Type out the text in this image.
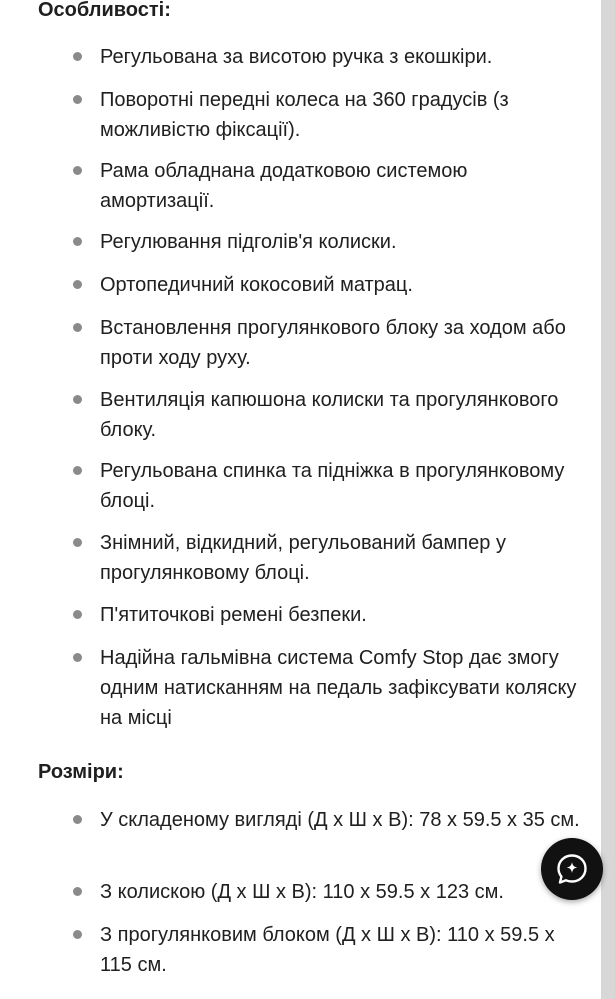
Особливості:
Регульована за висотою ручка з екошкіри.
Поворотні передні колеса на 360 градусів (з можливістю фіксації).
Рама обладнана додатковою системою амортизації.
Регулювання підголів'я колиски.
Ортопедичний кокосовий матрац.
Встановлення прогулянкового блоку за ходом або проти ходу руху.
Вентиляція капюшона колиски та прогулянкового блоку.
Регульована спинка та підніжка в прогулянковому блоці.
Знімний, відкидний, регульований бампер у прогулянковому блоці.
П'ятиточкові ремені безпеки.
Надійна гальмівна система Comfy Stop дає змогу одним натисканням на педаль зафіксувати коляску на місці
Розміри:
У складеному вигляді (Д х Ш х В): 78 х 59.5 х 35 см.
З колискою (Д х Ш х В): 110 х 59.5 х 123 см.
З прогулянковим блоком (Д х Ш х В): 110 х 59.5 х 115 см.
